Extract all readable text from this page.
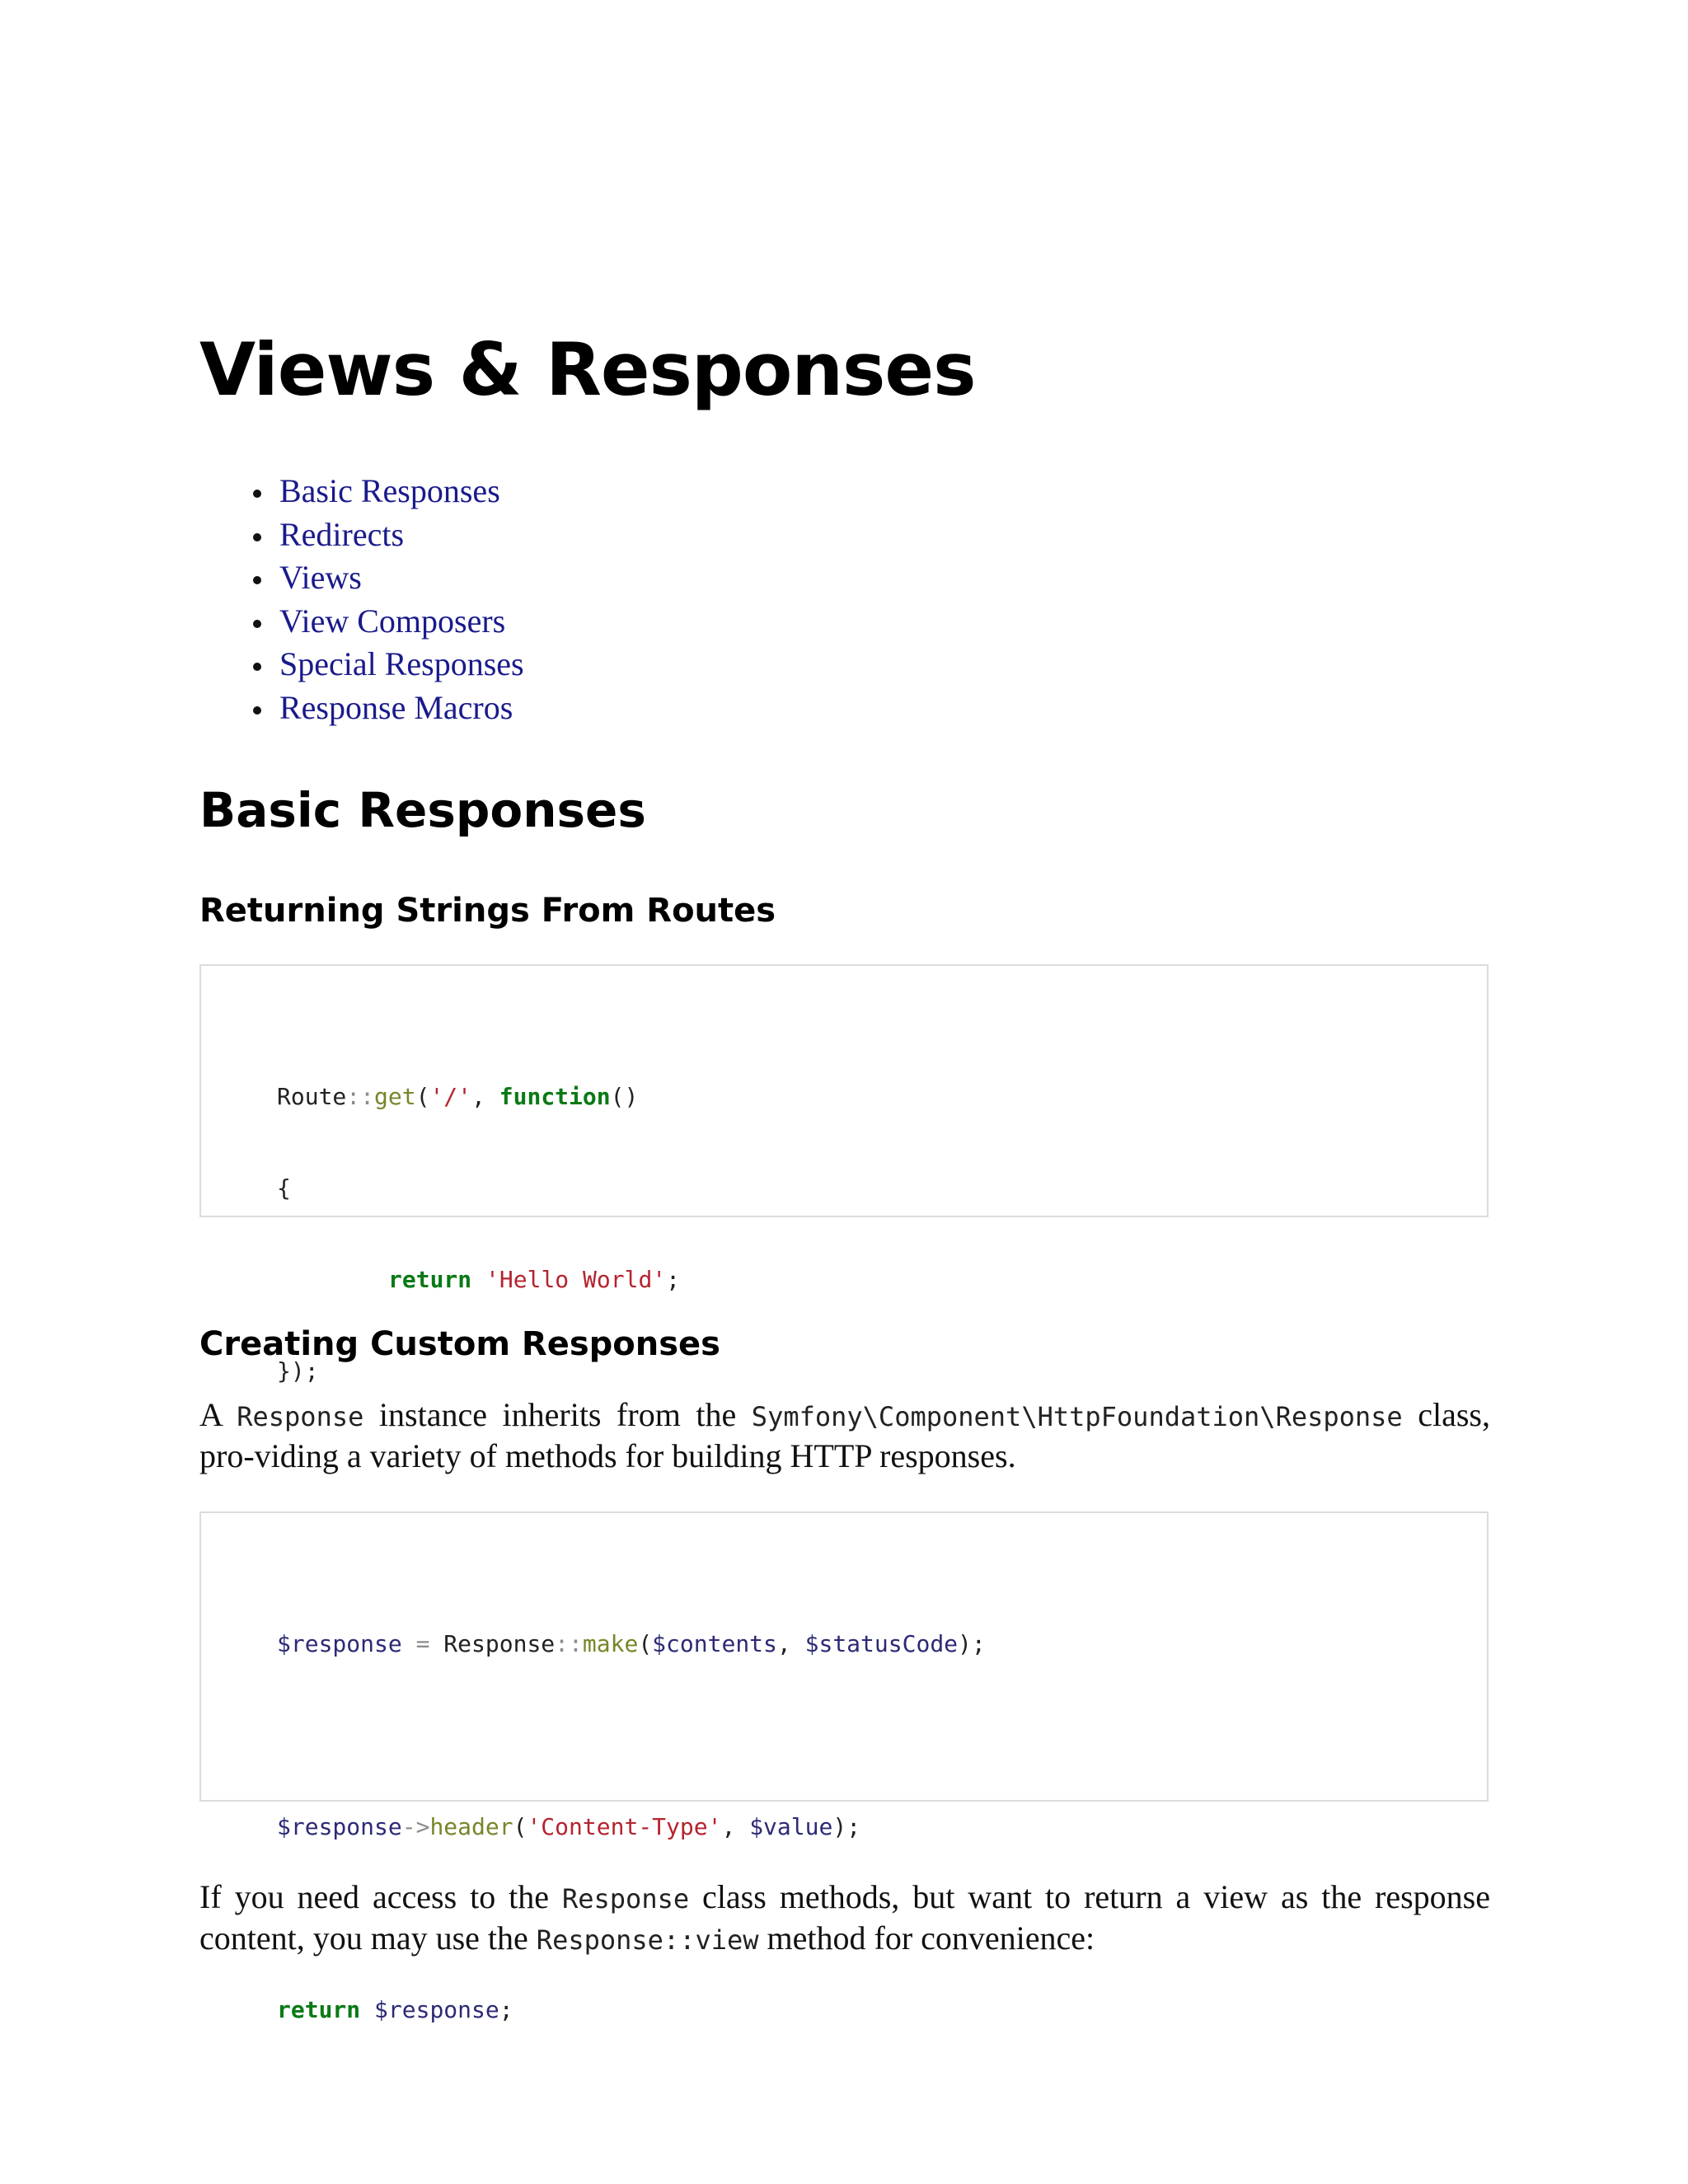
Views & Responses
Basic Responses
Redirects
Views
View Composers
Special Responses
Response Macros
Basic Responses
Returning Strings From Routes

Route::get('/', function()

{

return 'Hello World';

});

Creating Custom Responses

A Response instance inherits from the Symfony\Component\HttpFoundation\Response class, pro-viding a variety of methods for building HTTP responses.

$response = Response::make($contents, $statusCode);

$response->header('Content-Type', $value);

return $response;

If you need access to the Response class methods, but want to return a view as the response content, you may use the Response::view method for convenience:
